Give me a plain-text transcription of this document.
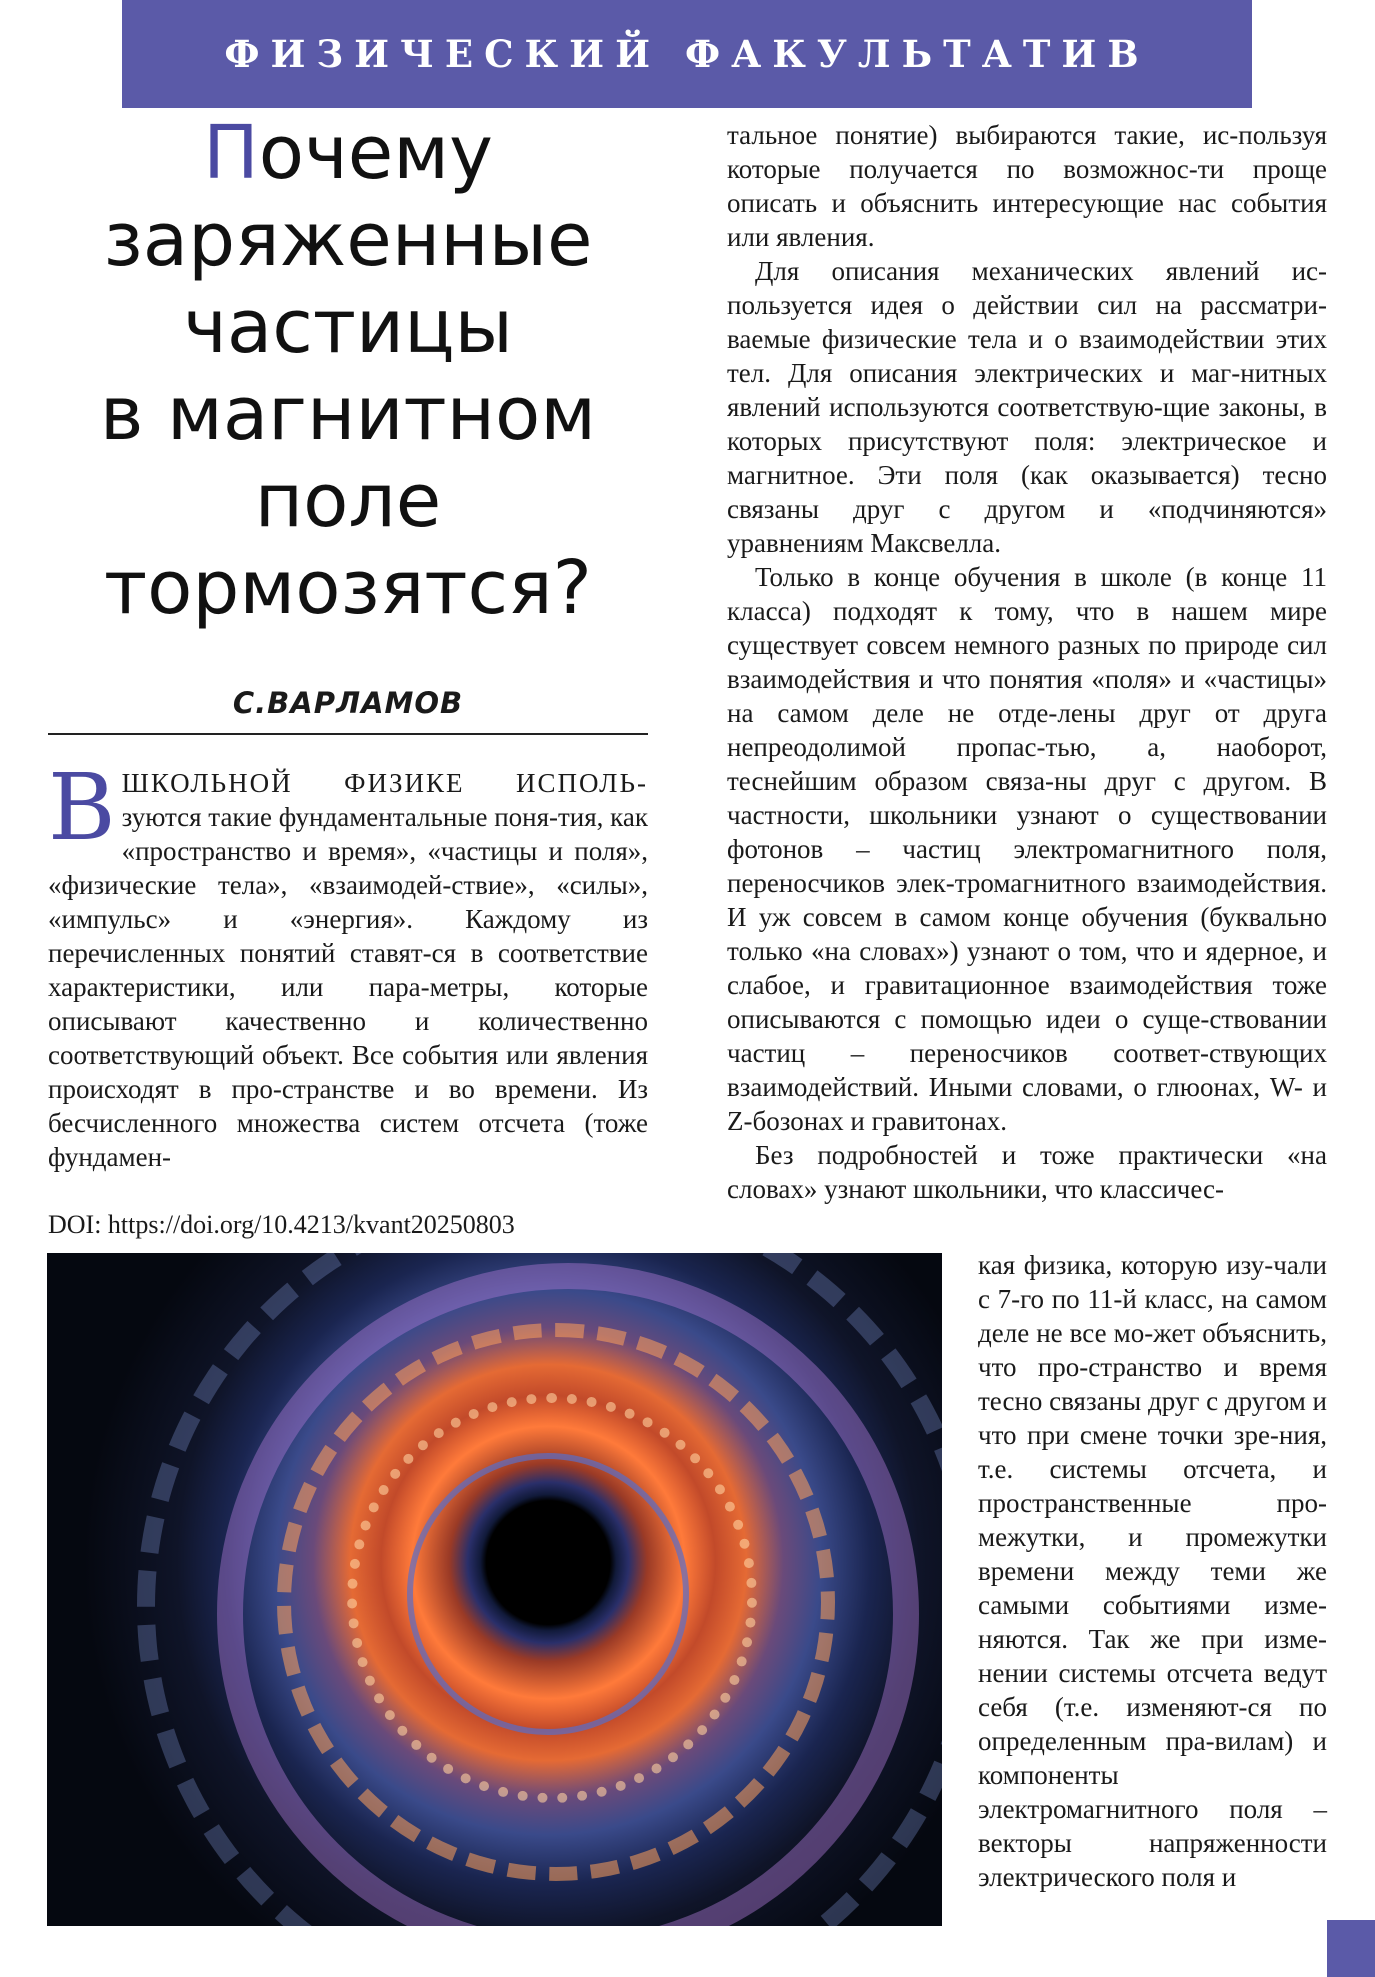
ФИЗИЧЕСКИЙ ФАКУЛЬТАТИВ
Почему
заряженные
частицы
в магнитном
поле
тормозятся?
С.ВАРЛАМОВ

ВШКОЛЬНОЙ ФИЗИКЕ ИСПОЛЬ- зуются такие фундаментальные поня-тия, как «пространство и время», «частицы и поля», «физические тела», «взаимодей-ствие», «силы», «импульс» и «энергия». Каждому из перечисленных понятий ставят-ся в соответствие характеристики, или пара-метры, которые описывают качественно и количественно соответствующий объект. Все события или явления происходят в про-странстве и во времени. Из бесчисленного множества систем отсчета (тоже фундамен-

DOI: https://doi.org/10.4213/kvant20250803

тальное понятие) выбираются такие, ис-пользуя которые получается по возможнос-ти проще описать и объяснить интересующие нас события или явления.

Для описания механических явлений ис-пользуется идея о действии сил на рассматри-ваемые физические тела и о взаимодействии этих тел. Для описания электрических и маг-нитных явлений используются соответствую-щие законы, в которых присутствуют поля: электрическое и магнитное. Эти поля (как оказывается) тесно связаны друг с другом и «подчиняются» уравнениям Максвелла.

Только в конце обучения в школе (в конце 11 класса) подходят к тому, что в нашем мире существует совсем немного разных по природе сил взаимодействия и что понятия «поля» и «частицы» на самом деле не отде-лены друг от друга непреодолимой пропас-тью, а, наоборот, теснейшим образом связа-ны друг с другом. В частности, школьники узнают о существовании фотонов – частиц электромагнитного поля, переносчиков элек-тромагнитного взаимодействия. И уж совсем в самом конце обучения (буквально только «на словах») узнают о том, что и ядерное, и слабое, и гравитационное взаимодействия тоже описываются с помощью идеи о суще-ствовании частиц – переносчиков соответ-ствующих взаимодействий. Иными словами, о глюонах, W- и Z-бозонах и гравитонах.

Без подробностей и тоже практически «на словах» узнают школьники, что классичес-

кая физика, которую изу-чали с 7-го по 11-й класс, на самом деле не все мо-жет объяснить, что про-странство и время тесно связаны друг с другом и что при смене точки зре-ния, т.е. системы отсчета, и пространственные про-межутки, и промежутки времени между теми же самыми событиями изме-няются. Так же при изме-нении системы отсчета ведут себя (т.е. изменяют-ся по определенным пра-вилам) и компоненты электромагнитного поля – векторы напряженности электрического поля и
